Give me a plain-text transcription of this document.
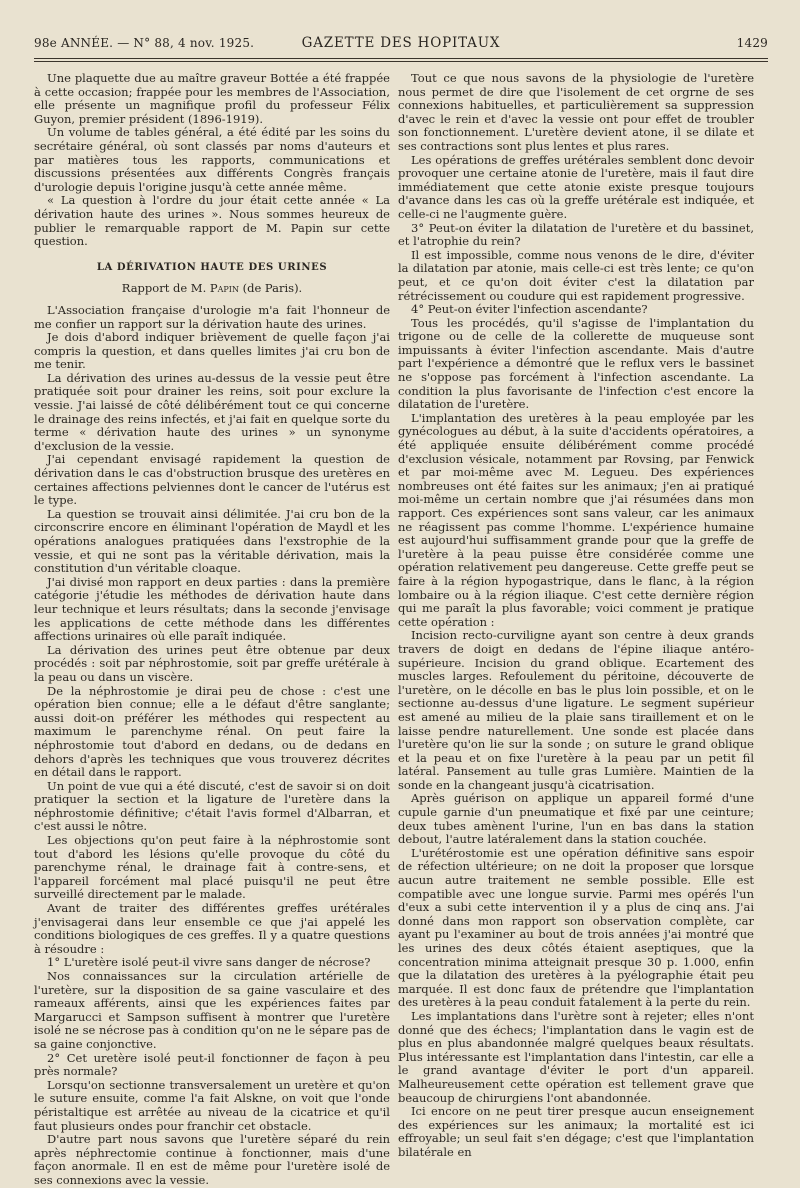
98e ANNÉE. — N° 88, 4 nov. 1925.	GAZETTE DES HOPITAUX	1429

Une plaquette due au maître graveur Bottée a été frappée à cette occasion; frappée pour les membres de l'Association, elle présente un magnifique profil du professeur Félix Guyon, premier président (1896-1919).

Un volume de tables général, a été édité par les soins du secrétaire général, où sont classés par noms d'auteurs et par matières tous les rapports, communications et discussions présentées aux différents Congrès français d'urologie depuis l'origine jusqu'à cette année même.

« La question à l'ordre du jour était cette année « La dérivation haute des urines ». Nous sommes heureux de publier le remarquable rapport de M. Papin sur cette question.

LA DÉRIVATION HAUTE DES URINES

Rapport de M. Papin (de Paris).

L'Association française d'urologie m'a fait l'honneur de me confier un rapport sur la dérivation haute des urines.

Je dois d'abord indiquer brièvement de quelle façon j'ai compris la question, et dans quelles limites j'ai cru bon de me tenir.

La dérivation des urines au-dessus de la vessie peut être pratiquée soit pour drainer les reins, soit pour exclure la vessie. J'ai laissé de côté délibérément tout ce qui concerne le drainage des reins infectés, et j'ai fait en quelque sorte du terme « dérivation haute des urines » un synonyme d'exclusion de la vessie.

J'ai cependant envisagé rapidement la question de dérivation dans le cas d'obstruction brusque des uretères en certaines affections pelviennes dont le cancer de l'utérus est le type.

La question se trouvait ainsi délimitée. J'ai cru bon de la circonscrire encore en éliminant l'opération de Maydl et les opérations analogues pratiquées dans l'exstrophie de la vessie, et qui ne sont pas la véritable dérivation, mais la constitution d'un véritable cloaque.

J'ai divisé mon rapport en deux parties : dans la première catégorie j'étudie les méthodes de dérivation haute dans leur technique et leurs résultats; dans la seconde j'envisage les applications de cette méthode dans les différentes affections urinaires où elle paraît indiquée.

La dérivation des urines peut être obtenue par deux procédés : soit par néphrostomie, soit par greffe urétérale à la peau ou dans un viscère.

De la néphrostomie je dirai peu de chose : c'est une opération bien connue; elle a le défaut d'être sanglante; aussi doit-on préférer les méthodes qui respectent au maximum le parenchyme rénal. On peut faire la néphrostomie tout d'abord en dedans, ou de dedans en dehors d'après les techniques que vous trouverez décrites en détail dans le rapport.

Un point de vue qui a été discuté, c'est de savoir si on doit pratiquer la section et la ligature de l'uretère dans la néphrostomie définitive; c'était l'avis formel d'Albarran, et c'est aussi le nôtre.

Les objections qu'on peut faire à la néphrostomie sont tout d'abord les lésions qu'elle provoque du côté du parenchyme rénal, le drainage fait à contre-sens, et l'appareil forcément mal placé puisqu'il ne peut être surveillé directement par le malade.

Avant de traiter des différentes greffes urétérales j'envisagerai dans leur ensemble ce que j'ai appelé les conditions biologiques de ces greffes. Il y a quatre questions à résoudre :

1° L'uretère isolé peut-il vivre sans danger de nécrose?

Nos connaissances sur la circulation artérielle de l'uretère, sur la disposition de sa gaine vasculaire et des rameaux afférents, ainsi que les expériences faites par Margarucci et Sampson suffisent à montrer que l'uretère isolé ne se nécrose pas à condition qu'on ne le sépare pas de sa gaine conjonctive.

2° Cet uretère isolé peut-il fonctionner de façon à peu près normale?

Lorsqu'on sectionne transversalement un uretère et qu'on le suture ensuite, comme l'a fait Alskne, on voit que l'onde péristaltique est arrêtée au niveau de la cicatrice et qu'il faut plusieurs ondes pour franchir cet obstacle.

D'autre part nous savons que l'uretère séparé du rein après néphrectomie continue à fonctionner, mais d'une façon anormale. Il en est de même pour l'uretère isolé de ses connexions avec la vessie.

Tout ce que nous savons de la physiologie de l'uretère nous permet de dire que l'isolement de cet orgrne de ses connexions habituelles, et particulièrement sa suppression d'avec le rein et d'avec la vessie ont pour effet de troubler son fonctionnement. L'uretère devient atone, il se dilate et ses contractions sont plus lentes et plus rares.

Les opérations de greffes urétérales semblent donc devoir provoquer une certaine atonie de l'uretère, mais il faut dire immédiatement que cette atonie existe presque toujours d'avance dans les cas où la greffe urétérale est indiquée, et celle-ci ne l'augmente guère.

3° Peut-on éviter la dilatation de l'uretère et du bassinet, et l'atrophie du rein?

Il est impossible, comme nous venons de le dire, d'éviter la dilatation par atonie, mais celle-ci est très lente; ce qu'on peut, et ce qu'on doit éviter c'est la dilatation par rétrécissement ou coudure qui est rapidement progressive.

4° Peut-on éviter l'infection ascendante?

Tous les procédés, qu'il s'agisse de l'implantation du trigone ou de celle de la collerette de muqueuse sont impuissants à éviter l'infection ascendante. Mais d'autre part l'expérience a démontré que le reflux vers le bassinet ne s'oppose pas forcément à l'infection ascendante. La condition la plus favorisante de l'infection c'est encore la dilatation de l'uretère.

L'implantation des uretères à la peau employée par les gynécologues au début, à la suite d'accidents opératoires, a été appliquée ensuite délibérément comme procédé d'exclusion vésicale, notamment par Rovsing, par Fenwick et par moi-même avec M. Legueu. Des expériences nombreuses ont été faites sur les animaux; j'en ai pratiqué moi-même un certain nombre que j'ai résumées dans mon rapport. Ces expériences sont sans valeur, car les animaux ne réagissent pas comme l'homme. L'expérience humaine est aujourd'hui suffisamment grande pour que la greffe de l'uretère à la peau puisse être considérée comme une opération relativement peu dangereuse. Cette greffe peut se faire à la région hypogastrique, dans le flanc, à la région lombaire ou à la région iliaque. C'est cette dernière région qui me paraît la plus favorable; voici comment je pratique cette opération :

Incision recto-curviligne ayant son centre à deux grands travers de doigt en dedans de l'épine iliaque antéro-supérieure. Incision du grand oblique. Ecartement des muscles larges. Refoulement du péritoine, découverte de l'uretère, on le décolle en bas le plus loin possible, et on le sectionne au-dessus d'une ligature. Le segment supérieur est amené au milieu de la plaie sans tiraillement et on le laisse pendre naturellement. Une sonde est placée dans l'uretère qu'on lie sur la sonde ; on suture le grand oblique et la peau et on fixe l'uretère à la peau par un petit fil latéral. Pansement au tulle gras Lumière. Maintien de la sonde en la changeant jusqu'à cicatrisation.

Après guérison on applique un appareil formé d'une cupule garnie d'un pneumatique et fixé par une ceinture; deux tubes amènent l'urine, l'un en bas dans la station debout, l'autre latéralement dans la station couchée.

L'urétérostomie est une opération définitive sans espoir de réfection ultérieure; on ne doit la proposer que lorsque aucun autre traitement ne semble possible. Elle est compatible avec une longue survie. Parmi mes opérés l'un d'eux a subi cette intervention il y a plus de cinq ans. J'ai donné dans mon rapport son observation complète, car ayant pu l'examiner au bout de trois années j'ai montré que les urines des deux côtés étaient aseptiques, que la concentration minima atteignait presque 30 p. 1.000, enfin que la dilatation des uretères à la pyélographie était peu marquée. Il est donc faux de prétendre que l'implantation des uretères à la peau conduit fatalement à la perte du rein.

Les implantations dans l'urètre sont à rejeter; elles n'ont donné que des échecs; l'implantation dans le vagin est de plus en plus abandonnée malgré quelques beaux résultats. Plus intéressante est l'implantation dans l'intestin, car elle a le grand avantage d'éviter le port d'un appareil. Malheureusement cette opération est tellement grave que beaucoup de chirurgiens l'ont abandonnée.

Ici encore on ne peut tirer presque aucun enseignement des expériences sur les animaux; la mortalité est ici effroyable; un seul fait s'en dégage; c'est que l'implantation bilatérale en
